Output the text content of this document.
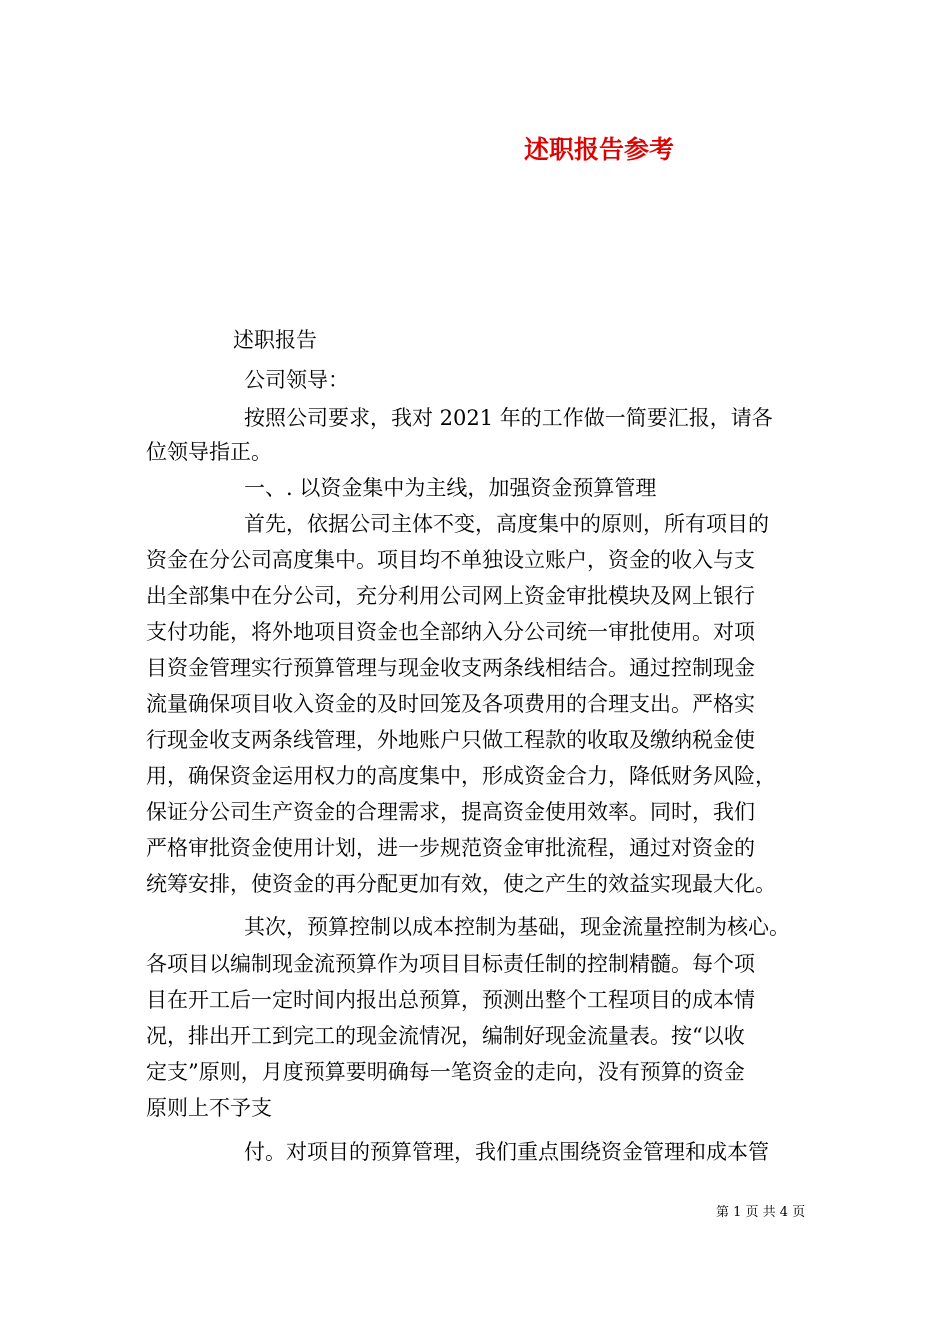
述职报告参考
述职报告
公司领导：
按照公司要求，我对 2021 年的工作做一简要汇报，请各
位领导指正。
一、. 以资金集中为主线，加强资金预算管理
首先，依据公司主体不变，高度集中的原则，所有项目的
资金在分公司高度集中。项目均不单独设立账户，资金的收入与支
出全部集中在分公司，充分利用公司网上资金审批模块及网上银行
支付功能，将外地项目资金也全部纳入分公司统一审批使用。对项
目资金管理实行预算管理与现金收支两条线相结合。通过控制现金
流量确保项目收入资金的及时回笼及各项费用的合理支出。严格实
行现金收支两条线管理，外地账户只做工程款的收取及缴纳税金使
用，确保资金运用权力的高度集中，形成资金合力，降低财务风险，
保证分公司生产资金的合理需求，提高资金使用效率。同时，我们
严格审批资金使用计划，进一步规范资金审批流程，通过对资金的
统筹安排，使资金的再分配更加有效，使之产生的效益实现最大化。
其次，预算控制以成本控制为基础，现金流量控制为核心。
各项目以编制现金流预算作为项目目标责任制的控制精髓。每个项
目在开工后一定时间内报出总预算，预测出整个工程项目的成本情
况，排出开工到完工的现金流情况，编制好现金流量表。按“以收
定支”原则，月度预算要明确每一笔资金的走向，没有预算的资金
原则上不予支
付。对项目的预算管理，我们重点围绕资金管理和成本管
第 1 页 共 4 页
